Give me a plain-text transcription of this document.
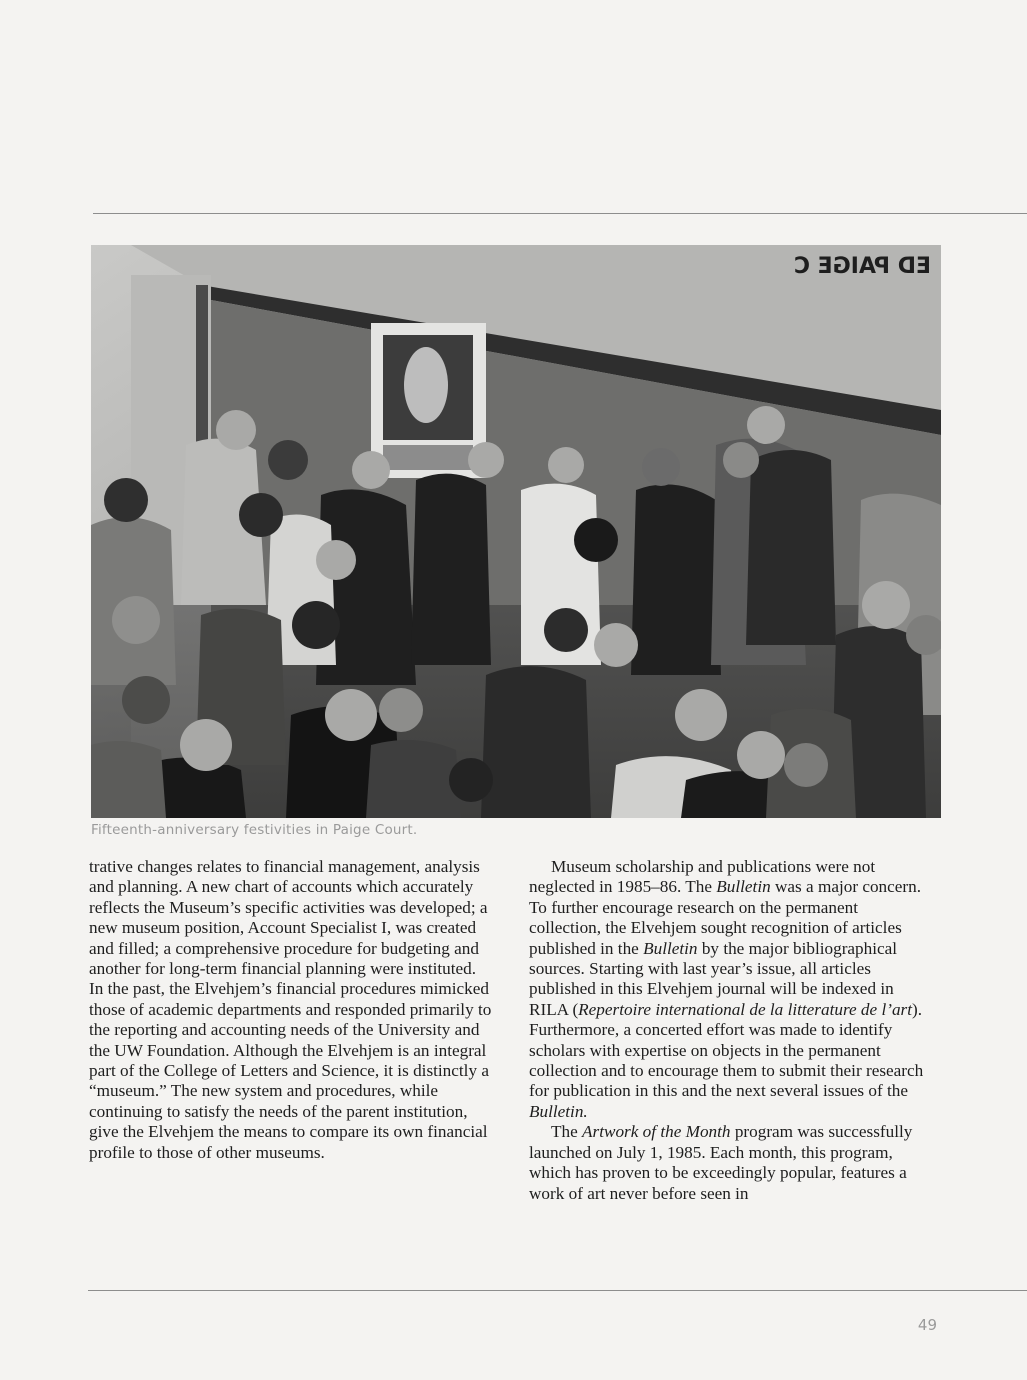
ED PAIGE C
Fifteenth-anniversary festivities in Paige Court.

trative changes relates to financial management, analysis and planning. A new chart of accounts which accurately reflects the Museum’s specific activities was developed; a new museum position, Account Specialist I, was created and filled; a comprehensive procedure for budgeting and another for long-term financial planning were instituted. In the past, the Elvehjem’s financial procedures mimicked those of academic departments and responded primarily to the reporting and accounting needs of the University and the UW Foundation. Although the Elvehjem is an integral part of the College of Letters and Science, it is distinctly a “museum.” The new system and procedures, while continuing to satisfy the needs of the parent institution, give the Elvehjem the means to compare its own financial profile to those of other museums.

Museum scholarship and publications were not neglected in 1985–86. The Bulletin was a major concern. To further encourage research on the permanent collection, the Elvehjem sought recognition of articles published in the Bulletin by the major bibliographical sources. Starting with last year’s issue, all articles published in this Elvehjem journal will be indexed in RILA (Repertoire international de la litterature de l’art). Furthermore, a concerted effort was made to identify scholars with expertise on objects in the permanent collection and to encourage them to submit their research for publication in this and the next several issues of the Bulletin.

The Artwork of the Month program was successfully launched on July 1, 1985. Each month, this program, which has proven to be exceedingly popular, features a work of art never before seen in

49
